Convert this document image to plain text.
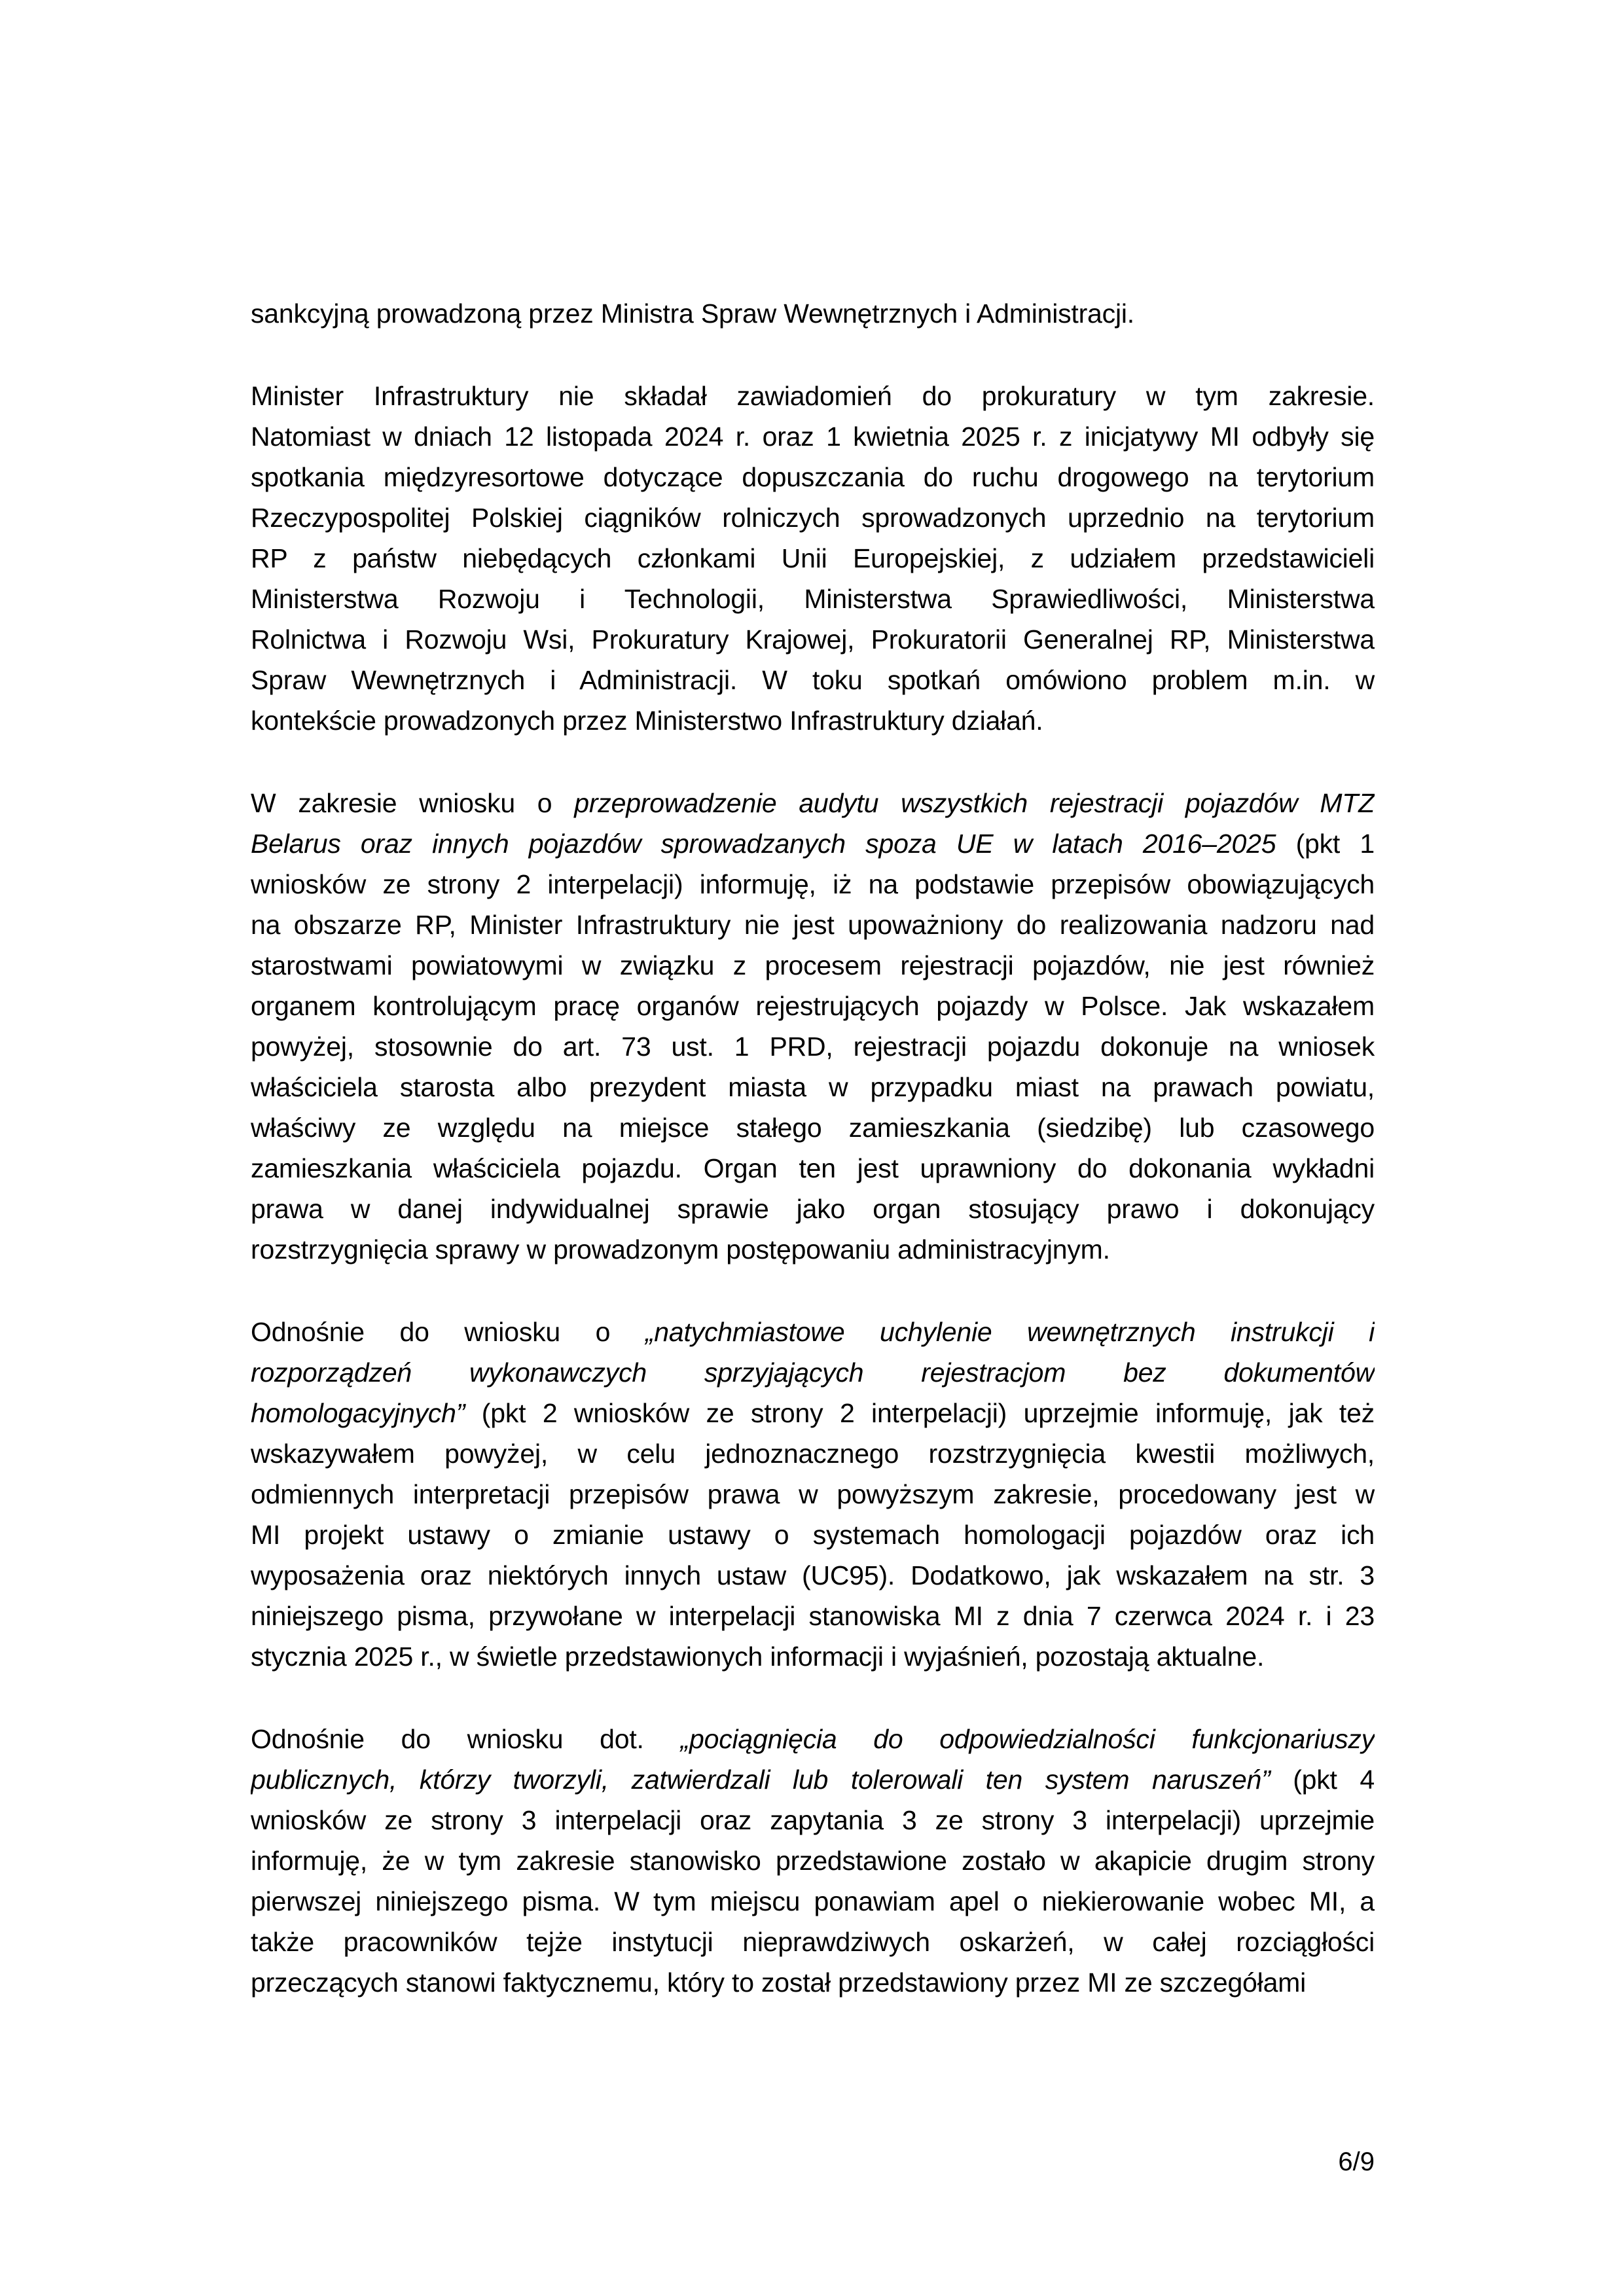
sankcyjną prowadzoną przez Ministra Spraw Wewnętrznych i Administracji.
Minister Infrastruktury nie składał zawiadomień do prokuratury w tym zakresie.
Natomiast w dniach 12 listopada 2024 r. oraz 1 kwietnia 2025 r. z inicjatywy MI odbyły się
spotkania międzyresortowe dotyczące dopuszczania do ruchu drogowego na terytorium
Rzeczypospolitej Polskiej ciągników rolniczych sprowadzonych uprzednio na terytorium
RP z państw niebędących członkami Unii Europejskiej, z udziałem przedstawicieli
Ministerstwa Rozwoju i Technologii, Ministerstwa Sprawiedliwości, Ministerstwa
Rolnictwa i Rozwoju Wsi, Prokuratury Krajowej, Prokuratorii Generalnej RP, Ministerstwa
Spraw Wewnętrznych i Administracji. W toku spotkań omówiono problem m.in. w
kontekście prowadzonych przez Ministerstwo Infrastruktury działań.
W zakresie wniosku o przeprowadzenie audytu wszystkich rejestracji pojazdów MTZ
Belarus oraz innych pojazdów sprowadzanych spoza UE w latach 2016–2025 (pkt 1
wniosków ze strony 2 interpelacji) informuję, iż na podstawie przepisów obowiązujących
na obszarze RP, Minister Infrastruktury nie jest upoważniony do realizowania nadzoru nad
starostwami powiatowymi w związku z procesem rejestracji pojazdów, nie jest również
organem kontrolującym pracę organów rejestrujących pojazdy w Polsce. Jak wskazałem
powyżej, stosownie do art. 73 ust. 1 PRD, rejestracji pojazdu dokonuje na wniosek
właściciela starosta albo prezydent miasta w przypadku miast na prawach powiatu,
właściwy ze względu na miejsce stałego zamieszkania (siedzibę) lub czasowego
zamieszkania właściciela pojazdu. Organ ten jest uprawniony do dokonania wykładni
prawa w danej indywidualnej sprawie jako organ stosujący prawo i dokonujący
rozstrzygnięcia sprawy w prowadzonym postępowaniu administracyjnym.
Odnośnie do wniosku o „natychmiastowe uchylenie wewnętrznych instrukcji i
rozporządzeń wykonawczych sprzyjających rejestracjom bez dokumentów
homologacyjnych” (pkt 2 wniosków ze strony 2 interpelacji) uprzejmie informuję, jak też
wskazywałem powyżej, w celu jednoznacznego rozstrzygnięcia kwestii możliwych,
odmiennych interpretacji przepisów prawa w powyższym zakresie, procedowany jest w
MI projekt ustawy o zmianie ustawy o systemach homologacji pojazdów oraz ich
wyposażenia oraz niektórych innych ustaw (UC95). Dodatkowo, jak wskazałem na str. 3
niniejszego pisma, przywołane w interpelacji stanowiska MI z dnia 7 czerwca 2024 r. i 23
stycznia 2025 r., w świetle przedstawionych informacji i wyjaśnień, pozostają aktualne.
Odnośnie do wniosku dot. „pociągnięcia do odpowiedzialności funkcjonariuszy
publicznych, którzy tworzyli, zatwierdzali lub tolerowali ten system naruszeń” (pkt 4
wniosków ze strony 3 interpelacji oraz zapytania 3 ze strony 3 interpelacji) uprzejmie
informuję, że w tym zakresie stanowisko przedstawione zostało w akapicie drugim strony
pierwszej niniejszego pisma. W tym miejscu ponawiam apel o niekierowanie wobec MI, a
także pracowników tejże instytucji nieprawdziwych oskarżeń, w całej rozciągłości
przeczących stanowi faktycznemu, który to został przedstawiony przez MI ze szczegółami
6/9
